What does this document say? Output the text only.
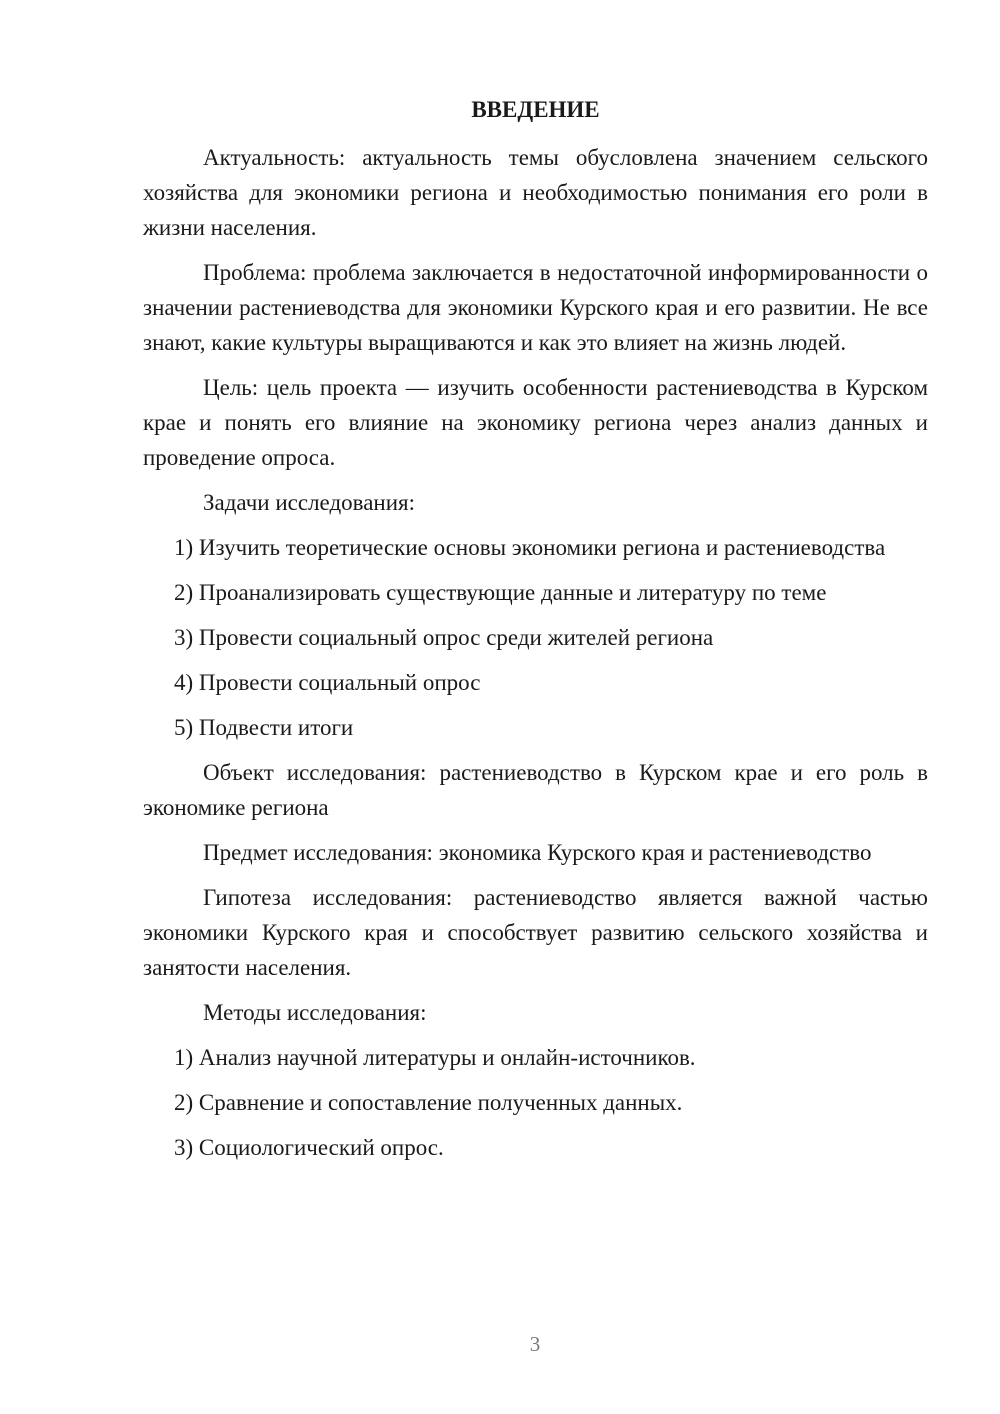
ВВЕДЕНИЕ

Актуальность: актуальность темы обусловлена значением сельского хозяйства для экономики региона и необходимостью понимания его роли в жизни населения.

Проблема: проблема заключается в недостаточной информированности о значении растениеводства для экономики Курского края и его развитии. Не все знают, какие культуры выращиваются и как это влияет на жизнь людей.

Цель: цель проекта — изучить особенности растениеводства в Курском крае и понять его влияние на экономику региона через анализ данных и проведение опроса.

Задачи исследования:

1) Изучить теоретические основы экономики региона и растениеводства

2) Проанализировать существующие данные и литературу по теме

3) Провести социальный опрос среди жителей региона

4) Провести социальный опрос

5) Подвести итоги

Объект исследования: растениеводство в Курском крае и его роль в экономике региона

Предмет исследования: экономика Курского края и растениеводство

Гипотеза исследования: растениеводство является важной частью экономики Курского края и способствует развитию сельского хозяйства и занятости населения.

Методы исследования:

1) Анализ научной литературы и онлайн-источников.

2) Сравнение и сопоставление полученных данных.

3) Социологический опрос.

3
